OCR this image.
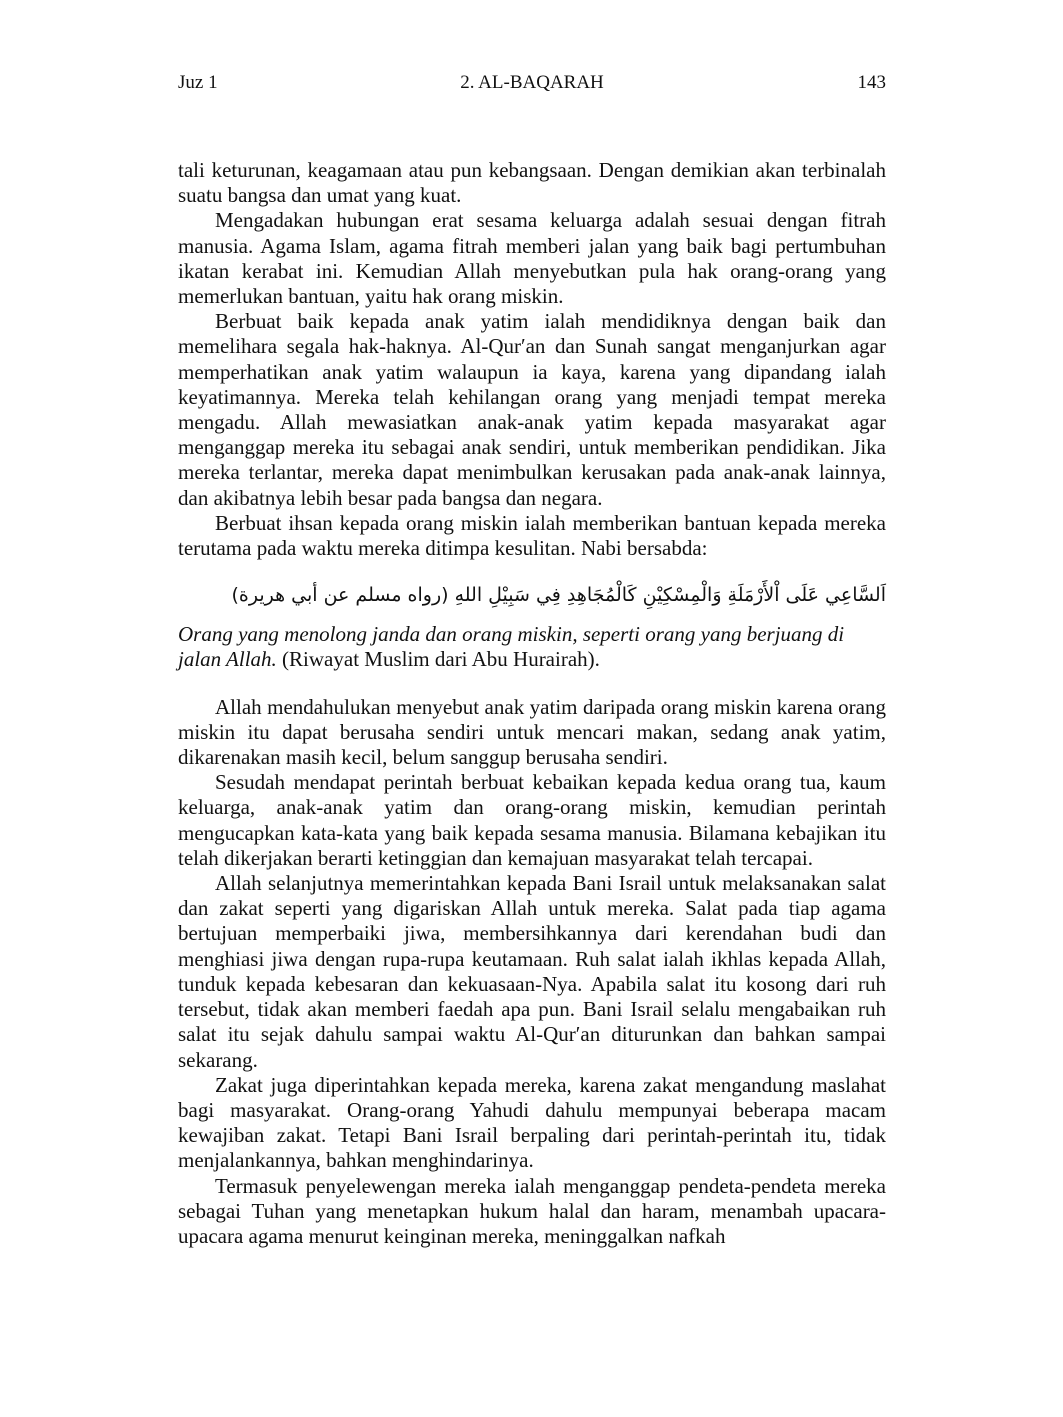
Juz 1	2. AL-BAQARAH	143

tali keturunan, keagamaan atau pun kebangsaan. Dengan demikian akan terbinalah suatu bangsa dan umat yang kuat.

Mengadakan hubungan erat sesama keluarga adalah sesuai dengan fitrah manusia. Agama Islam, agama fitrah memberi jalan yang baik bagi pertumbuhan ikatan kerabat ini. Kemudian Allah menyebutkan pula hak orang-orang yang memerlukan bantuan, yaitu hak orang miskin.

Berbuat baik kepada anak yatim ialah mendidiknya dengan baik dan memelihara segala hak-haknya. Al-Qur′an dan Sunah sangat menganjurkan agar memperhatikan anak yatim walaupun ia kaya, karena yang dipandang ialah keyatimannya. Mereka telah kehilangan orang yang menjadi tempat mereka mengadu. Allah mewasiatkan anak-anak yatim kepada masyarakat agar menganggap mereka itu sebagai anak sendiri, untuk memberikan pendidikan. Jika mereka terlantar, mereka dapat menimbulkan kerusakan pada anak-anak lainnya, dan akibatnya lebih besar pada bangsa dan negara.

Berbuat ihsan kepada orang miskin ialah memberikan bantuan kepada mereka terutama pada waktu mereka ditimpa kesulitan. Nabi bersabda:

اَلسَّاعِي عَلَى اْلأَرْمَلَةِ وَالْمِسْكِيْنِ كَالْمُجَاهِدِ فِي سَبِيْلِ اللهِ (رواه مسلم عن أبي هريرة)

Orang yang menolong janda dan orang miskin, seperti orang yang berjuang di jalan Allah. (Riwayat Muslim dari Abu Hurairah).

Allah mendahulukan menyebut anak yatim daripada orang miskin karena orang miskin itu dapat berusaha sendiri untuk mencari makan, sedang anak yatim, dikarenakan masih kecil, belum sanggup berusaha sendiri.

Sesudah mendapat perintah berbuat kebaikan kepada kedua orang tua, kaum keluarga, anak-anak yatim dan orang-orang miskin, kemudian perintah mengucapkan kata-kata yang baik kepada sesama manusia. Bilamana kebajikan itu telah dikerjakan berarti ketinggian dan kemajuan masyarakat telah tercapai.

Allah selanjutnya memerintahkan kepada Bani Israil untuk melaksanakan salat dan zakat seperti yang digariskan Allah untuk mereka. Salat pada tiap agama bertujuan memperbaiki jiwa, membersihkannya dari kerendahan budi dan menghiasi jiwa dengan rupa-rupa keutamaan. Ruh salat ialah ikhlas kepada Allah, tunduk kepada kebesaran dan kekuasaan-Nya. Apabila salat itu kosong dari ruh tersebut, tidak akan memberi faedah apa pun. Bani Israil selalu mengabaikan ruh salat itu sejak dahulu sampai waktu Al-Qur′an diturunkan dan bahkan sampai sekarang.

Zakat juga diperintahkan kepada mereka, karena zakat mengandung maslahat bagi masyarakat. Orang-orang Yahudi dahulu mempunyai beberapa macam kewajiban zakat. Tetapi Bani Israil berpaling dari perintah-perintah itu, tidak menjalankannya, bahkan menghindarinya.

Termasuk penyelewengan mereka ialah menganggap pendeta-pendeta mereka sebagai Tuhan yang menetapkan hukum halal dan haram, menambah upacara-upacara agama menurut keinginan mereka, meninggalkan nafkah
